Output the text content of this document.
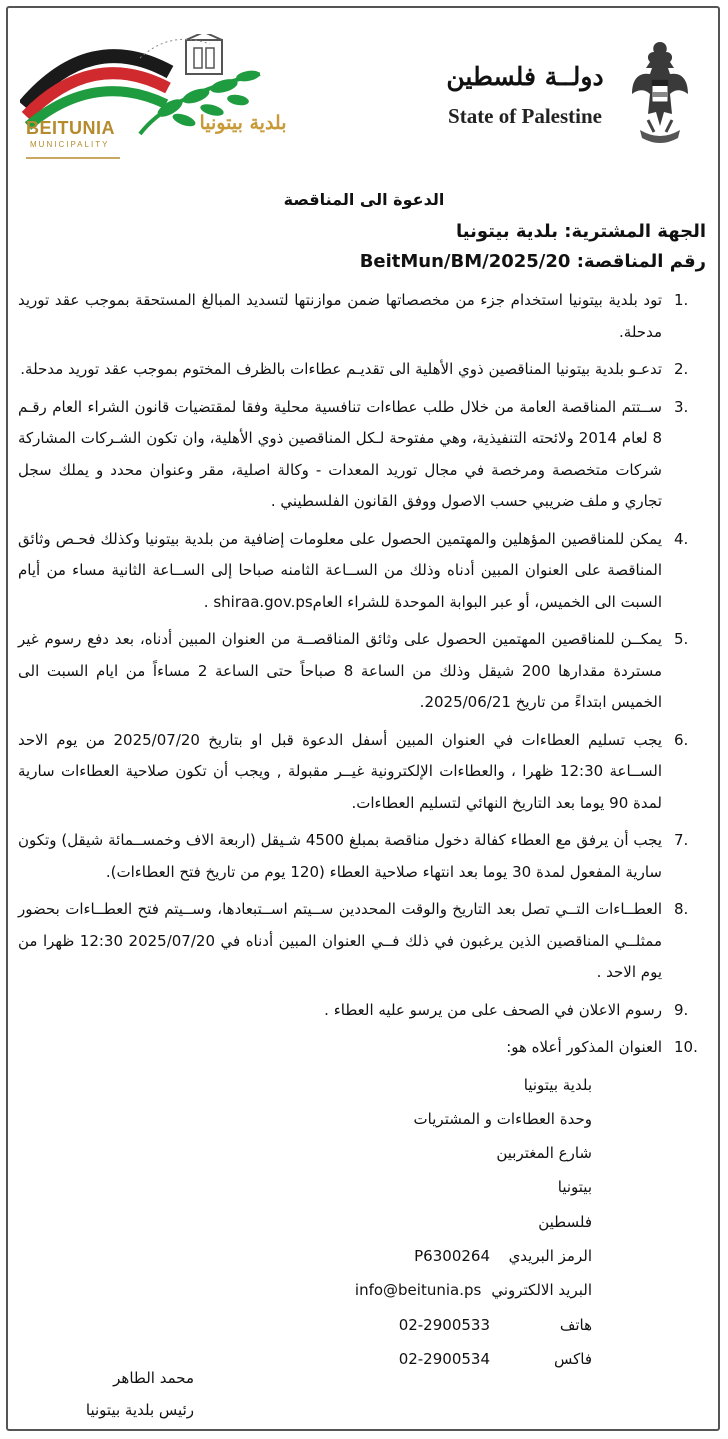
دولــة فلسطين
State of Palestine
BEITUNIA
MUNICIPALITY
بلدية بيتونيا
الدعوة الى المناقصة
الجهة المشترية: بلدية بيتونيا
رقم المناقصة: BeitMun/BM/2025/20
1.
تود بلدية بيتونيا استخدام جزء من مخصصاتها ضمن موازنتها لتسديد المبالغ المستحقة بموجب عقد توريد مدحلة.
2.
تدعـو بلدية بيتونيا المناقصين ذوي الأهلية الى تقديـم عطاءات بالظرف المختوم بموجب عقد توريد مدحلة.
3.
ســتتم المناقصة العامة من خلال طلب عطاءات تنافسية محلية وفقا لمقتضيات قانون الشراء العام رقـم 8 لعام 2014 ولائحته التنفيذية، وهي مفتوحة لـكل المناقصين ذوي الأهلية، وان تكون الشـركات المشاركة شركات متخصصة ومرخصة في مجال توريد المعدات - وكالة اصلية، مقر وعنوان محدد و يملك سجل تجاري و ملف ضريبي حسب الاصول ووفق القانون الفلسطيني .
4.
يمكن للمناقصين المؤهلين والمهتمين الحصول على معلومات إضافية من بلدية بيتونيا وكذلك فحـص وثائق المناقصة على العنوان المبين أدناه وذلك من الســاعة الثامنه صباحا إلى الســاعة الثانية مساء من أيام السبت الى الخميس، أو عبر البوابة الموحدة للشراء العامshiraa.gov.ps .
5.
يمكــن للمناقصين المهتمين الحصول على وثائق المناقصــة من العنوان المبين أدناه، بعد دفع رسوم غير مستردة مقدارها 200 شيقل وذلك من الساعة 8 صباحاً حتى الساعة 2 مساءاً من ايام السبت الى الخميس ابتداءً من تاريخ 2025/06/21.
6.
يجب تسليم العطاءات في العنوان المبين أسفل الدعوة قبل او بتاريخ 2025/07/20 من يوم الاحد الســاعة 12:30 ظهرا ، والعطاءات الإلكترونية غيــر مقبولة , ويجب أن تكون صلاحية العطاءات سارية لمدة 90 يوما بعد التاريخ النهائي لتسليم العطاءات.
7.
يجب أن يرفق مع العطاء كفالة دخول مناقصة بمبلغ 4500 شـيقل (اربعة الاف وخمســمائة شيقل) وتكون سارية المفعول لمدة 30 يوما بعد انتهاء صلاحية العطاء (120 يوم من تاريخ فتح العطاءات).
8.
العطــاءات التــي تصل بعد التاريخ والوقت المحددين ســيتم اســتبعادها، وســيتم فتح العطــاءات بحضور ممثلــي المناقصين الذين يرغبون في ذلك فــي العنوان المبين أدناه في 2025/07/20 12:30 ظهرا من يوم الاحد .
9.
رسوم الاعلان في الصحف على من يرسو عليه العطاء .
10.
العنوان المذكور أعلاه هو:
بلدية بيتونيا
وحدة العطاءات و المشتريات
شارع المغتربين
بيتونيا
فلسطين
الرمز البريديP6300264
البريد الالكترونيinfo@beitunia.ps
هاتف02-2900533
فاكس02-2900534
محمد الطاهر
رئيس بلدية بيتونيا
